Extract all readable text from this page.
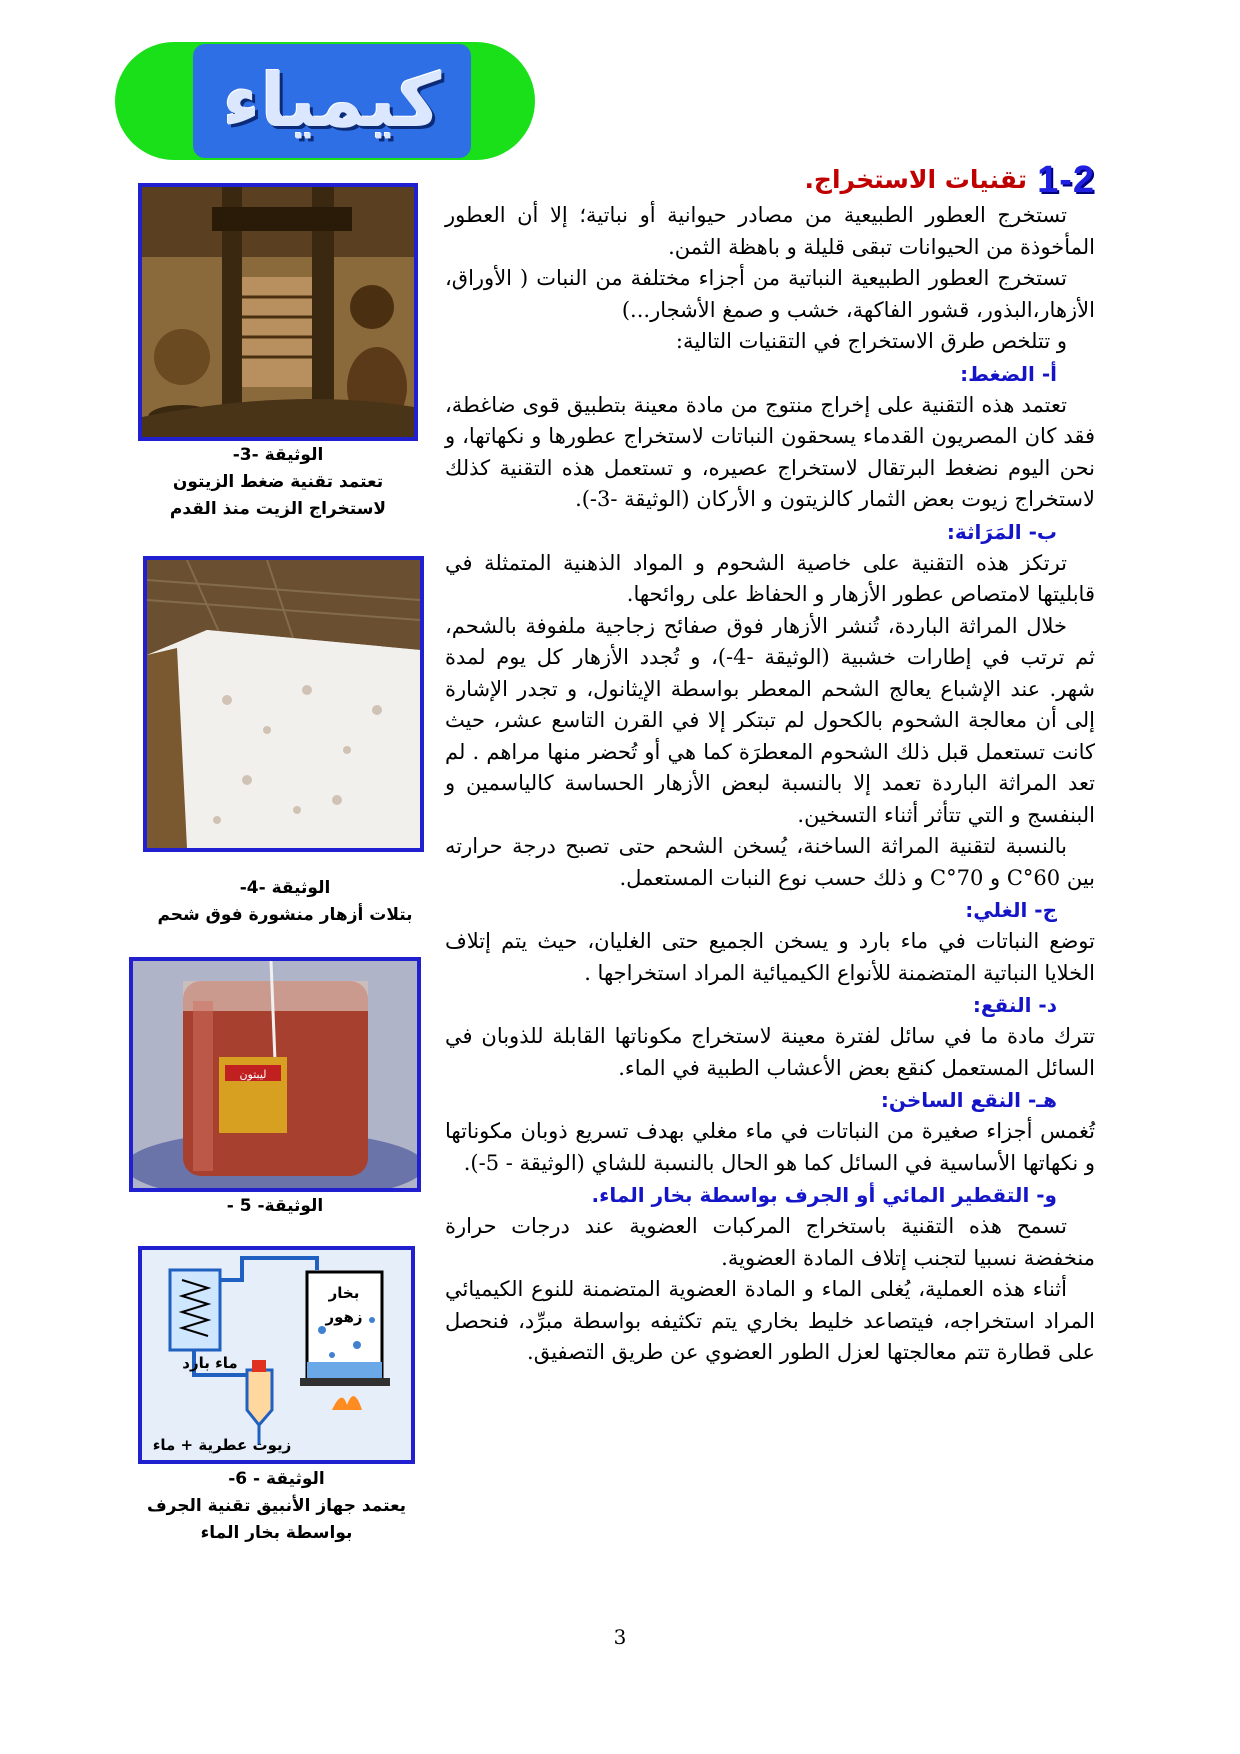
كيمياء
الوثيقة -3-
تعتمد تقنية ضغط الزيتون
لاستخراج الزيت منذ القدم
الوثيقة -4-
بتلات أزهار منشورة فوق شحم
ليبتون
الوثيقة- 5 -
بخار
زهور
ماء بارد
زيوت عطرية + ماء
الوثيقة - 6-
يعتمد جهاز الأنبيق تقنية الجرف
بواسطة بخار الماء
1-2
تقنيات الاستخراج.

تستخرج العطور الطبيعية من مصادر حيوانية أو نباتية؛ إلا أن العطور المأخوذة من الحيوانات تبقى قليلة و باهظة الثمن.

تستخرج العطور الطبيعية النباتية من أجزاء مختلفة من النبات ( الأوراق، الأزهار،البذور، قشور الفاكهة، خشب و صمغ الأشجار...)

و تتلخص طرق الاستخراج في التقنيات التالية:

أ- الضغط:

تعتمد هذه التقنية على إخراج منتوج من مادة معينة بتطبيق قوى ضاغطة، فقد كان المصريون القدماء يسحقون النباتات لاستخراج عطورها و نكهاتها، و نحن اليوم نضغط البرتقال لاستخراج عصيره، و تستعمل هذه التقنية كذلك لاستخراج زيوت بعض الثمار كالزيتون و الأركان (الوثيقة -3-).

ب- المَرَاثة:

ترتكز هذه التقنية على خاصية الشحوم و المواد الذهنية المتمثلة في قابليتها لامتصاص عطور الأزهار و الحفاظ على روائحها.

خلال المراثة الباردة، تُنشر الأزهار فوق صفائح زجاجية ملفوفة بالشحم، ثم ترتب في إطارات خشبية (الوثيقة -4-)، و تُجدد الأزهار كل يوم لمدة شهر. عند الإشباع يعالج الشحم المعطر بواسطة الإيثانول، و تجدر الإشارة إلى أن معالجة الشحوم بالكحول لم تبتكر إلا في القرن التاسع عشر، حيث كانت تستعمل قبل ذلك الشحوم المعطرَة كما هي أو تُحضر منها مراهم . لم تعد المراثة الباردة تعمد إلا بالنسبة لبعض الأزهار الحساسة كالياسمين و البنفسج و التي تتأثر أثناء التسخين.

بالنسبة لتقنية المراثة الساخنة، يُسخن الشحم حتى تصبح درجة حرارته بين 60°C و 70°C و ذلك حسب نوع النبات المستعمل.

ج- الغلي:

توضع النباتات في ماء بارد و يسخن الجميع حتى الغليان، حيث يتم إتلاف الخلايا النباتية المتضمنة للأنواع الكيميائية المراد استخراجها .

د- النقع:

تترك مادة ما في سائل لفترة معينة لاستخراج مكوناتها القابلة للذوبان في السائل المستعمل كنقع بعض الأعشاب الطبية في الماء.

هـ- النقع الساخن:

تُغمس أجزاء صغيرة من النباتات في ماء مغلي بهدف تسريع ذوبان مكوناتها و نكهاتها الأساسية في السائل كما هو الحال بالنسبة للشاي (الوثيقة - 5-).

و- التقطير المائي أو الجرف بواسطة بخار الماء.

تسمح هذه التقنية باستخراج المركبات العضوية عند درجات حرارة منخفضة نسبيا لتجنب إتلاف المادة العضوية.

أثناء هذه العملية، يُغلى الماء و المادة العضوية المتضمنة للنوع الكيميائي المراد استخراجه، فيتصاعد خليط بخاري يتم تكثيفه بواسطة مبرِّد، فنحصل على قطارة تتم معالجتها لعزل الطور العضوي عن طريق التصفيق.

3
